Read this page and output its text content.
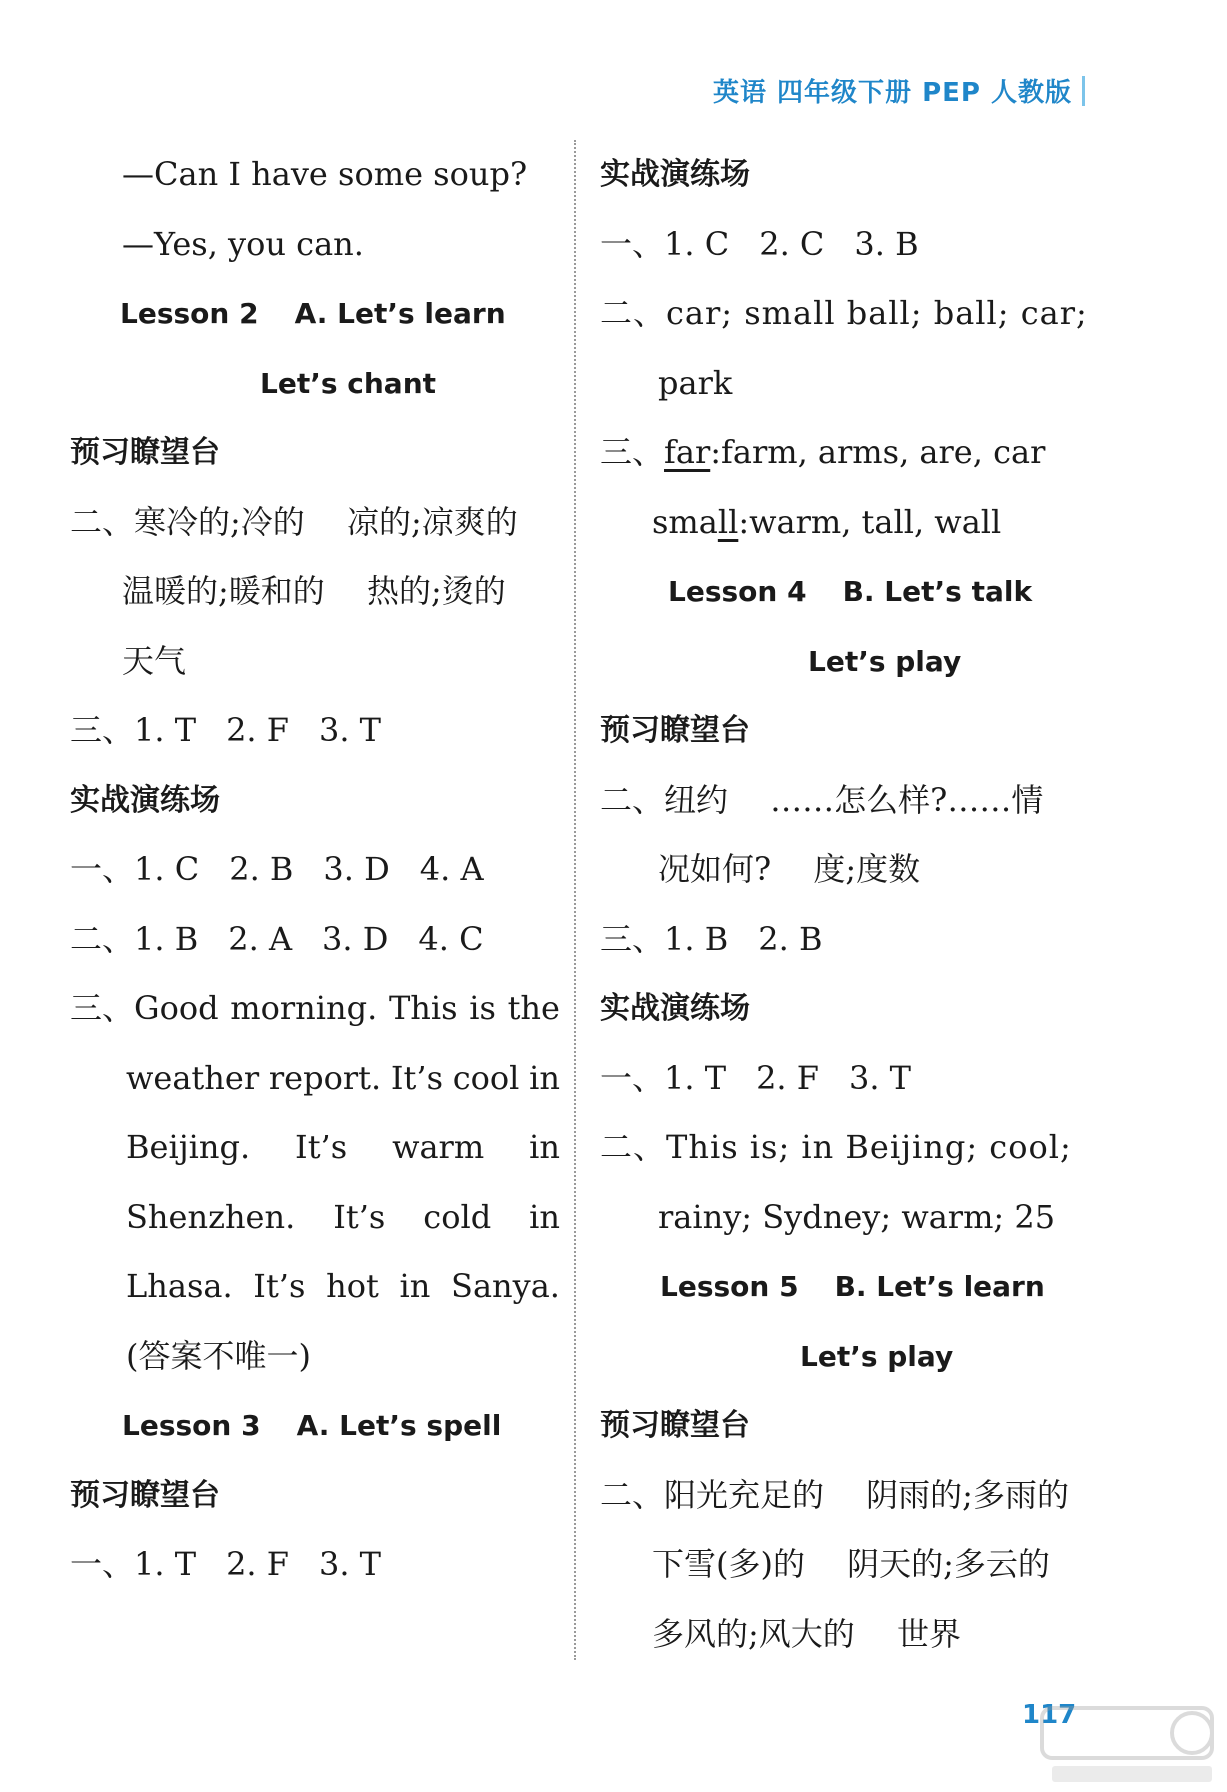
英语 四年级下册 PEP 人教版
—Can I have some soup?
—Yes, you can.
Lesson 2 A. Let’s learn
Let’s chant
预习瞭望台
二、寒冷的;冷的　 凉的;凉爽的
温暖的;暖和的　 热的;烫的
天气
三、1. T 2. F 3. T
实战演练场
一、1. C 2. B 3. D 4. A
二、1. B 2. A 3. D 4. C
三、 Good morning. This is the
weather report. It’s cool in
Beijing. It’s warm in
Shenzhen. It’s cold in
Lhasa. It’s hot in Sanya.
(答案不唯一)
Lesson 3 A. Let’s spell
预习瞭望台
一、1. T 2. F 3. T
实战演练场
一、1. C 2. C 3. B
二、car; small ball; ball; car;
park
三、far:farm, arms, are, car
small:warm, tall, wall
Lesson 4 B. Let’s talk
Let’s play
预习瞭望台
二、纽约　 ……怎么样?……情
况如何?　 度;度数
三、1. B 2. B
实战演练场
一、1. T 2. F 3. T
二、This is; in Beijing; cool;
rainy; Sydney; warm; 25
Lesson 5 B. Let’s learn
Let’s play
预习瞭望台
二、阳光充足的　 阴雨的;多雨的
下雪(多)的　 阴天的;多云的
多风的;风大的　 世界
117
